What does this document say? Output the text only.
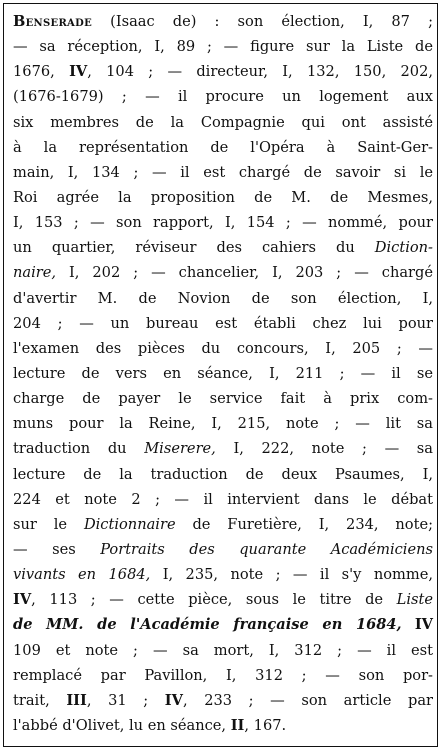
Benserade (Isaac de) : son élection, I, 87 ;
— sa réception, I, 89 ; — figure sur la Liste de
1676, IV, 104 ; — directeur, I, 132, 150, 202,
(1676-1679) ; — il procure un logement aux
six membres de la Compagnie qui ont assisté
à la représentation de l'Opéra à Saint-Ger-
main, I, 134 ; — il est chargé de savoir si le
Roi agrée la proposition de M. de Mesmes,
I, 153 ; — son rapport, I, 154 ; — nommé, pour
un quartier, réviseur des cahiers du Diction-
naire, I, 202 ; — chancelier, I, 203 ; — chargé
d'avertir M. de Novion de son élection, I,
204 ; — un bureau est établi chez lui pour
l'examen des pièces du concours, I, 205 ; —
lecture de vers en séance, I, 211 ; — il se
charge de payer le service fait à prix com-
muns pour la Reine, I, 215, note ; — lit sa
traduction du Miserere, I, 222, note ; — sa
lecture de la traduction de deux Psaumes, I,
224 et note 2 ; — il intervient dans le débat
sur le Dictionnaire de Furetière, I, 234, note;
— ses Portraits des quarante Académiciens
vivants en 1684, I, 235, note ; — il s'y nomme,
IV, 113 ; — cette pièce, sous le titre de Liste
de MM. de l'Académie française en 1684, IV
109 et note ; — sa mort, I, 312 ; — il est
remplacé par Pavillon, I, 312 ; — son por-
trait, III, 31 ; IV, 233 ; — son article par
l'abbé d'Olivet, lu en séance, II, 167.
